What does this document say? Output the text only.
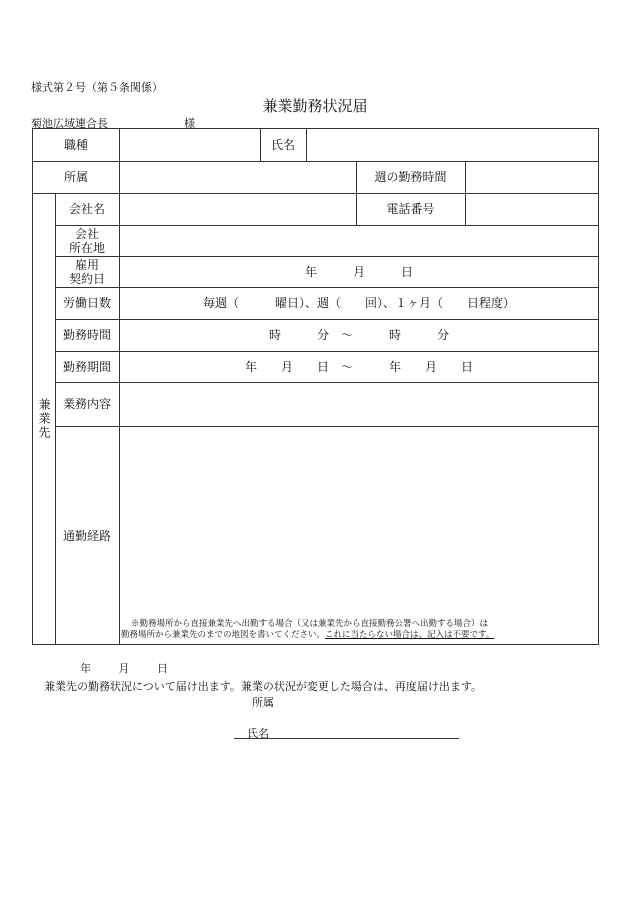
様式第２号（第５条関係）
兼業勤務状況届
菊池広域連合長	様
職種	氏名
所属	週の勤務時間
兼業先
会社名	電話番号
会社
所在地
雇用
契約日	年　　　月　　　日
労働日数	毎週（　　　曜日）、週（　　回）、１ヶ月（　　日程度）
勤務時間	時　　　分　～　　　時　　　分
勤務期間	年　　月　　日　～　　　年　　月　　日
業務内容
通勤経路
※勤務場所から直接兼業先へ出勤する場合（又は兼業先から直接勤務公署へ出勤する場合）は
勤務場所から兼業先のまでの地図を書いてください。これに当たらない場合は、記入は不要です。
年 月 日
兼業先の勤務状況について届け出ます。兼業の状況が変更した場合は、再度届け出ます。
所属
氏名
